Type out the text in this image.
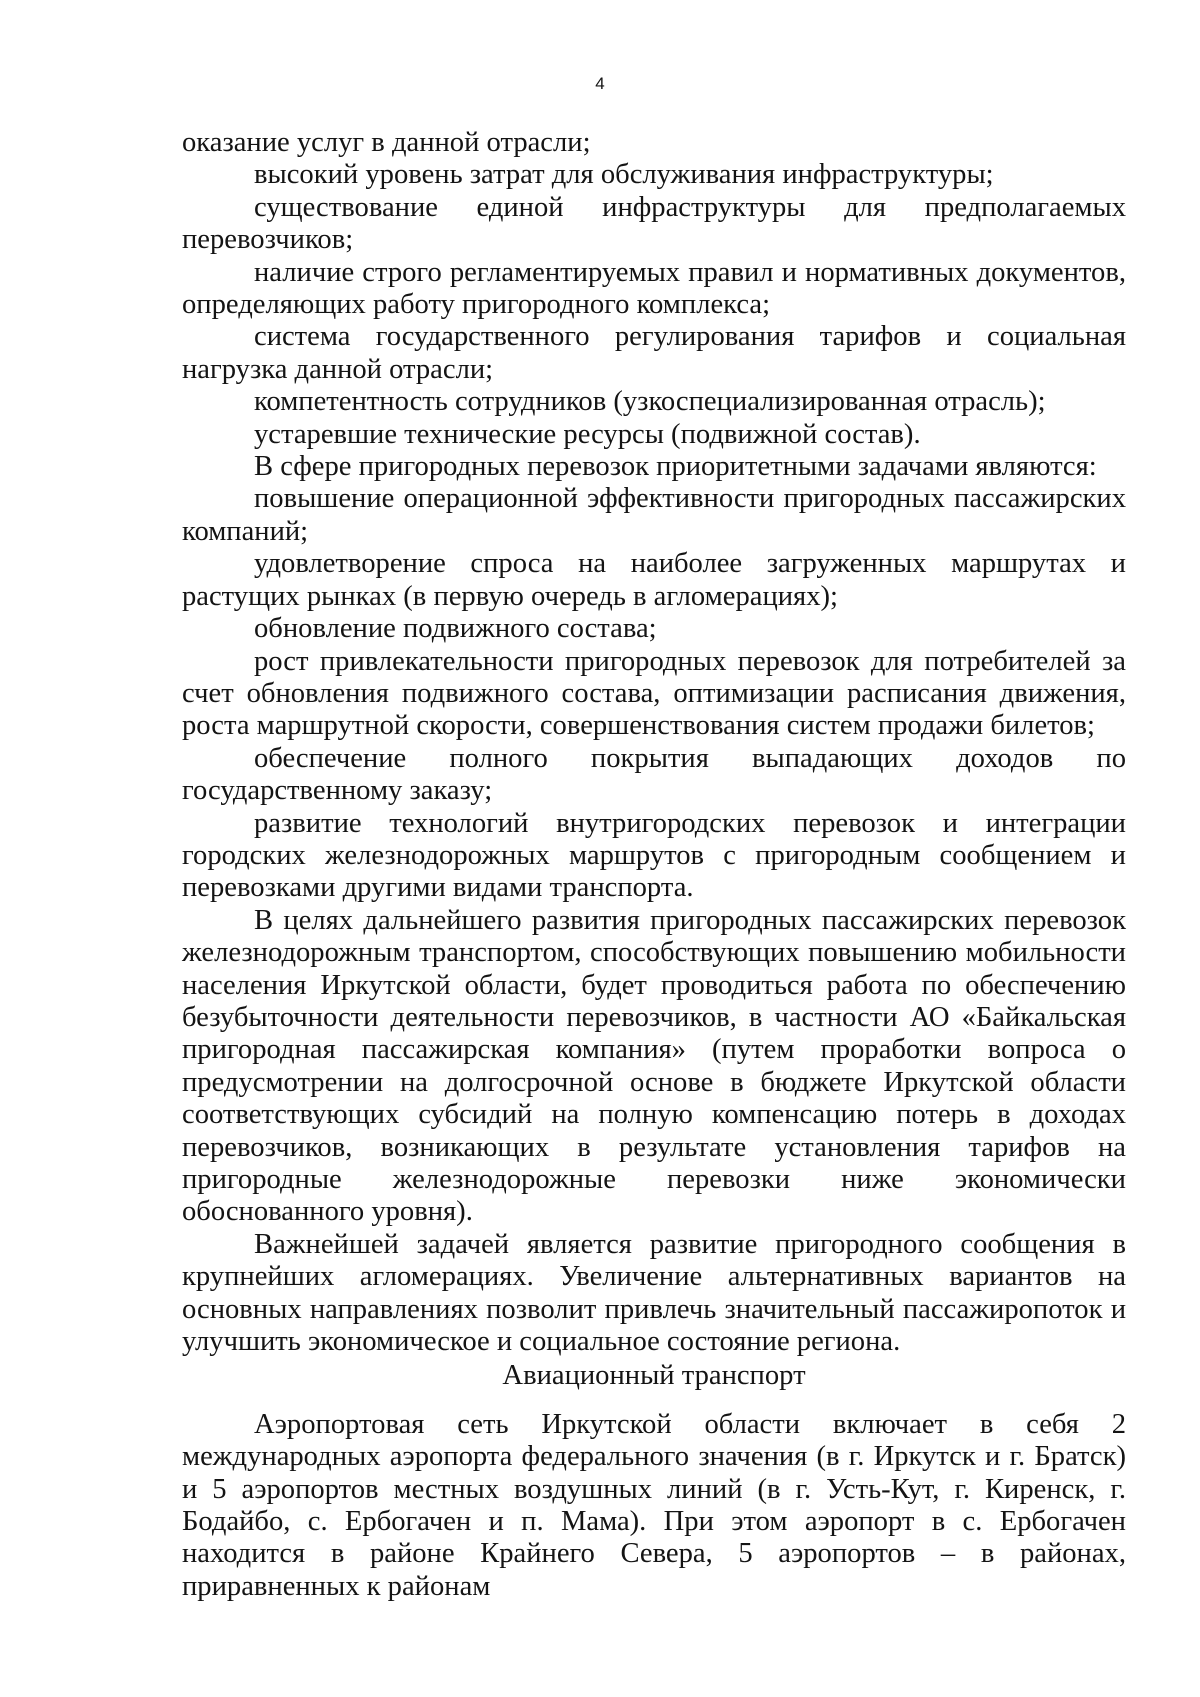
4

оказание услуг в данной отрасли;

высокий уровень затрат для обслуживания инфраструктуры;

существование единой инфраструктуры для предполагаемых перевозчиков;

наличие строго регламентируемых правил и нормативных документов, определяющих работу пригородного комплекса;

система государственного регулирования тарифов и социальная нагрузка данной отрасли;

компетентность сотрудников (узкоспециализированная отрасль);

устаревшие технические ресурсы (подвижной состав).

В сфере пригородных перевозок приоритетными задачами являются:

повышение операционной эффективности пригородных пассажирских компаний;

удовлетворение спроса на наиболее загруженных маршрутах и растущих рынках (в первую очередь в агломерациях);

обновление подвижного состава;

рост привлекательности пригородных перевозок для потребителей за счет обновления подвижного состава, оптимизации расписания движения, роста маршрутной скорости, совершенствования систем продажи билетов;

обеспечение полного покрытия выпадающих доходов по государственному заказу;

развитие технологий внутригородских перевозок и интеграции городских железнодорожных маршрутов с пригородным сообщением и перевозками другими видами транспорта.

В целях дальнейшего развития пригородных пассажирских перевозок железнодорожным транспортом, способствующих повышению мобильности населения Иркутской области, будет проводиться работа по обеспечению безубыточности деятельности перевозчиков, в частности АО «Байкальская пригородная пассажирская компания» (путем проработки вопроса о предусмотрении на долгосрочной основе в бюджете Иркутской области соответствующих субсидий на полную компенсацию потерь в доходах перевозчиков, возникающих в результате установления тарифов на пригородные железнодорожные перевозки ниже экономически обоснованного уровня).

Важнейшей задачей является развитие пригородного сообщения в крупнейших агломерациях. Увеличение альтернативных вариантов на основных направлениях позволит привлечь значительный пассажиропоток и улучшить экономическое и социальное состояние региона.

Авиационный транспорт

Аэропортовая сеть Иркутской области включает в себя 2 международных аэропорта федерального значения (в г. Иркутск и г. Братск) и 5 аэропортов местных воздушных линий (в г. Усть-Кут, г. Киренск, г. Бодайбо, с. Ербогачен и п. Мама). При этом аэропорт в с. Ербогачен находится в районе Крайнего Севера, 5 аэропортов – в районах, приравненных к районам
